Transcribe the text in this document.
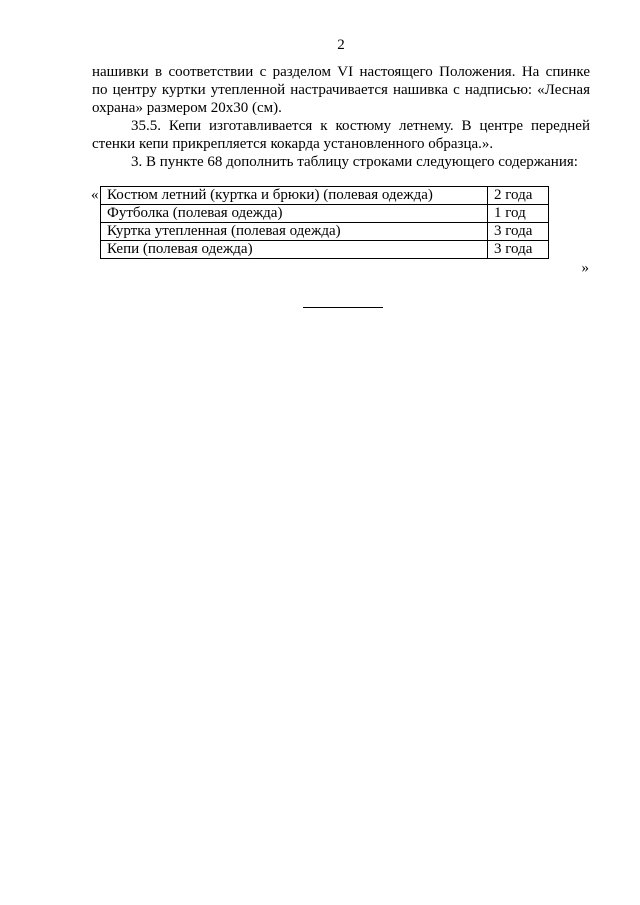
2
нашивки в соответствии с разделом VI настоящего Положения. На спинке
по центру куртки утепленной настрачивается нашивка с надписью: «Лесная
охрана» размером 20х30 (см).
35.5. Кепи изготавливается к костюму летнему. В центре передней
стенки кепи прикрепляется кокарда установленного образца.».
3. В пункте 68 дополнить таблицу строками следующего содержания:
« Костюм летний (куртка и брюки) (полевая одежда)	2 года
Футболка (полевая одежда)	1 год
Куртка утепленная (полевая одежда)	3 года
Кепи (полевая одежда)	3 года
»
